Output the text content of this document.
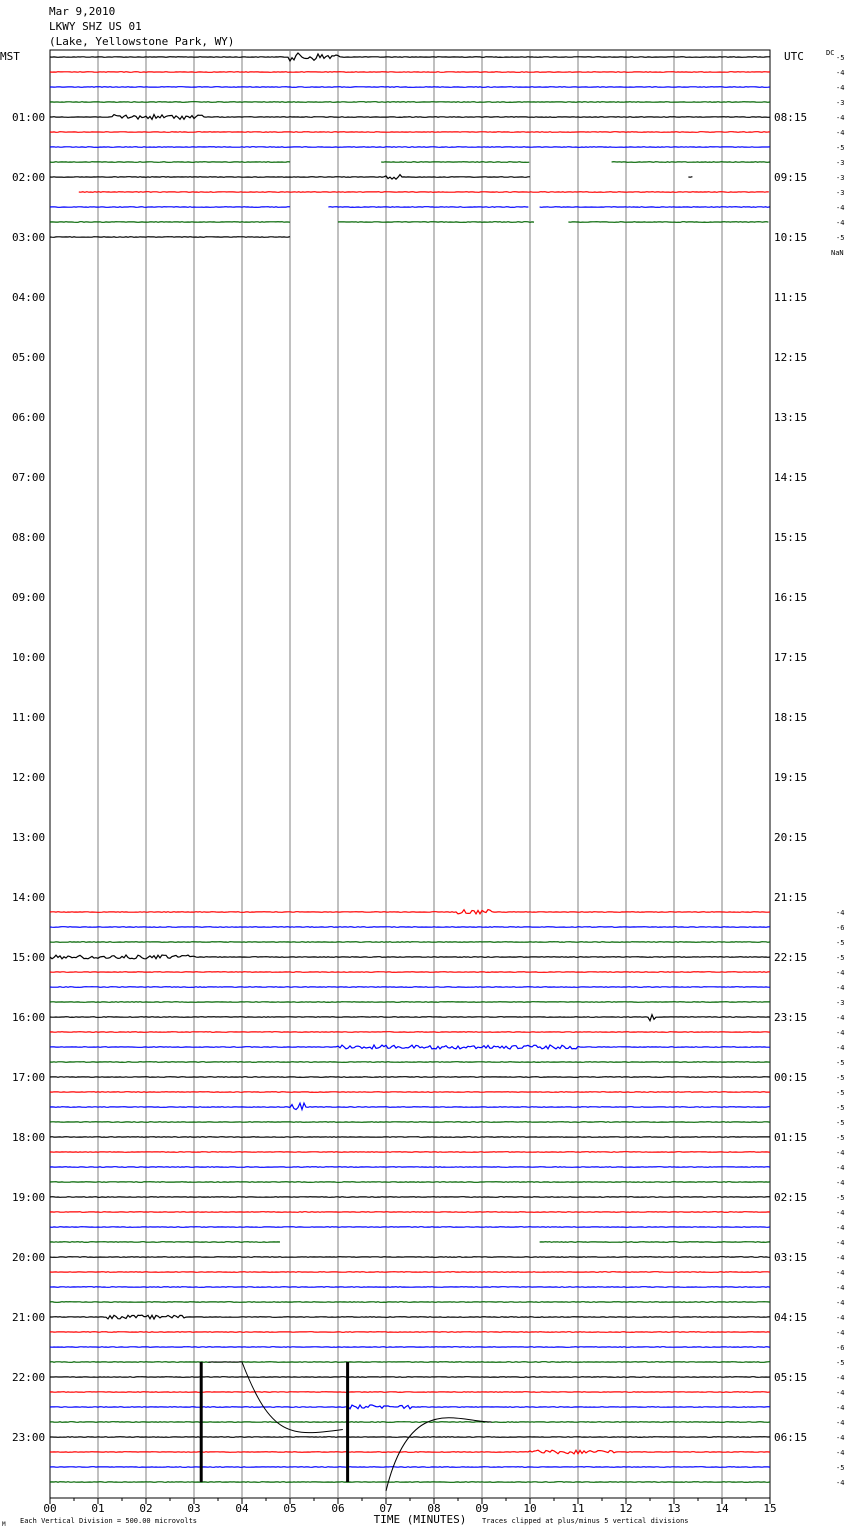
Mar 9,2010
LKWY SHZ US 01
(Lake, Yellowstone Park, WY)
00	01	02	03	04	05	06	07	08	09	10	11	12	13	14	15
01:00	08:15
02:00	09:15
03:00	10:15
04:00	11:15
05:00	12:15
06:00	13:15
07:00	14:15
08:00	15:15
09:00	16:15
10:00	17:15
11:00	18:15
12:00	19:15
13:00	20:15
14:00	21:15
15:00	22:15
16:00	23:15
17:00	00:15
18:00	01:15
19:00	02:15
20:00	03:15
21:00	04:15
22:00	05:15
23:00	06:15
-5
-4
-4
-3
-4
-4
-5
-3
-3
-3
-4
-4
-5
NaN
-4
-6
-5
-5
-4
-4
-3
-4
-4
-4
-5
-5
-5
-5
-5
-5
-4
-4
-4
-5
-4
-4
-4
-4
-4
-4
-4
-4
-4
-6
-5
-4
-4
-4
-4
-4
-4
-5
-4
MST	UTC	DC
TIME (MINUTES)
Each Vertical Division = 500.00 microvolts	Traces clipped at plus/minus 5 vertical divisions
M
